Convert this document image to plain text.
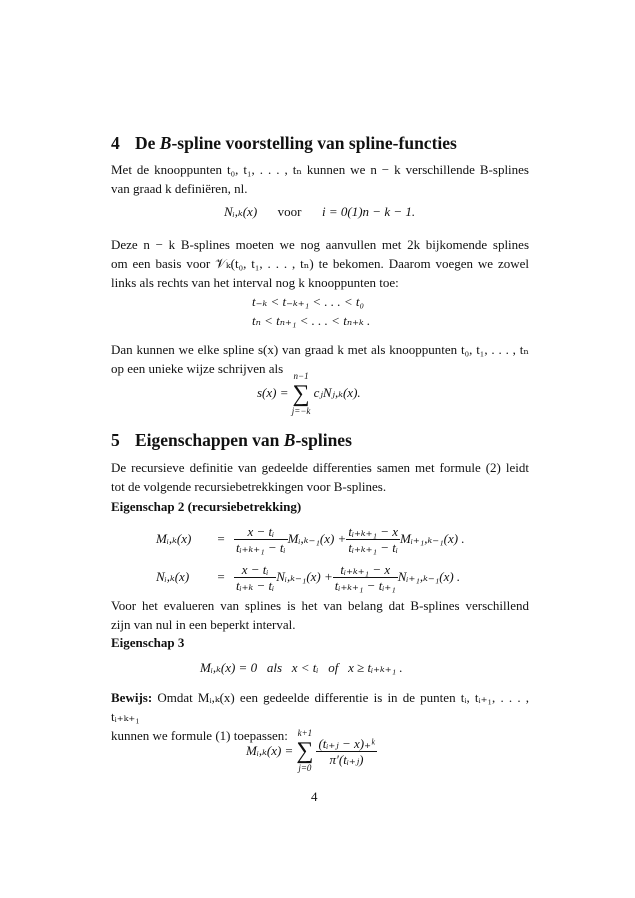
4 De B-spline voorstelling van spline-functies

Met de knooppunten t₀, t₁, . . . , tₙ kunnen we n − k verschillende B-splines

van graad k definiëren, nl.

Nᵢ,ₖ(x) voor i = 0(1)n − k − 1.

Deze n − k B-splines moeten we nog aanvullen met 2k bijkomende splines

om een basis voor 𝒱ₖ(t₀, t₁, . . . , tₙ) te bekomen. Daarom voegen we zowel

links als rechts van het interval nog k knooppunten toe:

t₋ₖ < t₋ₖ₊₁ < . . . < t₀
tₙ < tₙ₊₁ < . . . < tₙ₊ₖ .

Dan kunnen we elke spline s(x) van graad k met als knooppunten t₀, t₁, . . . , tₙ

op een unieke wijze schrijven als

s(x) =
n−1
∑
j=−k
cⱼNⱼ,ₖ(x).
5 Eigenschappen van B-splines

De recursieve definitie van gedeelde differenties samen met formule (2) leidt

tot de volgende recursiebetrekkingen voor B-splines.

Eigenschap 2 (recursiebetrekking)
Mᵢ,ₖ(x)	= $\frac{\text{x − tᵢ}}{\text{tᵢ₊ₖ₊₁ − tᵢ}}$ Mᵢ,ₖ₋₁(x) + $\frac{\text{tᵢ₊ₖ₊₁ − x}}{\text{tᵢ₊ₖ₊₁ − tᵢ}}$ Mᵢ₊₁,ₖ₋₁(x) .
Nᵢ,ₖ(x)	= $\frac{\text{x − tᵢ}}{\text{tᵢ₊ₖ − tᵢ}}$ Nᵢ,ₖ₋₁(x) + $\frac{\text{tᵢ₊ₖ₊₁ − x}}{\text{tᵢ₊ₖ₊₁ − tᵢ₊₁}}$ Nᵢ₊₁,ₖ₋₁(x) .

Voor het evalueren van splines is het van belang dat B-splines verschillend

zijn van nul in een beperkt interval.

Eigenschap 3
Mᵢ,ₖ(x) = 0   als   x < tᵢ   of   x ≥ tᵢ₊ₖ₊₁ .

Bewijs: Omdat Mᵢ,ₖ(x) een gedeelde differentie is in de punten tᵢ, tᵢ₊₁, . . . , tᵢ₊ₖ₊₁

kunnen we formule (1) toepassen:

Mᵢ,ₖ(x) =
k+1
∑
j=0
$\frac{\text{(tᵢ₊ⱼ − x)₊ᵏ}}{\text{π′(tᵢ₊ⱼ)}}$
4
